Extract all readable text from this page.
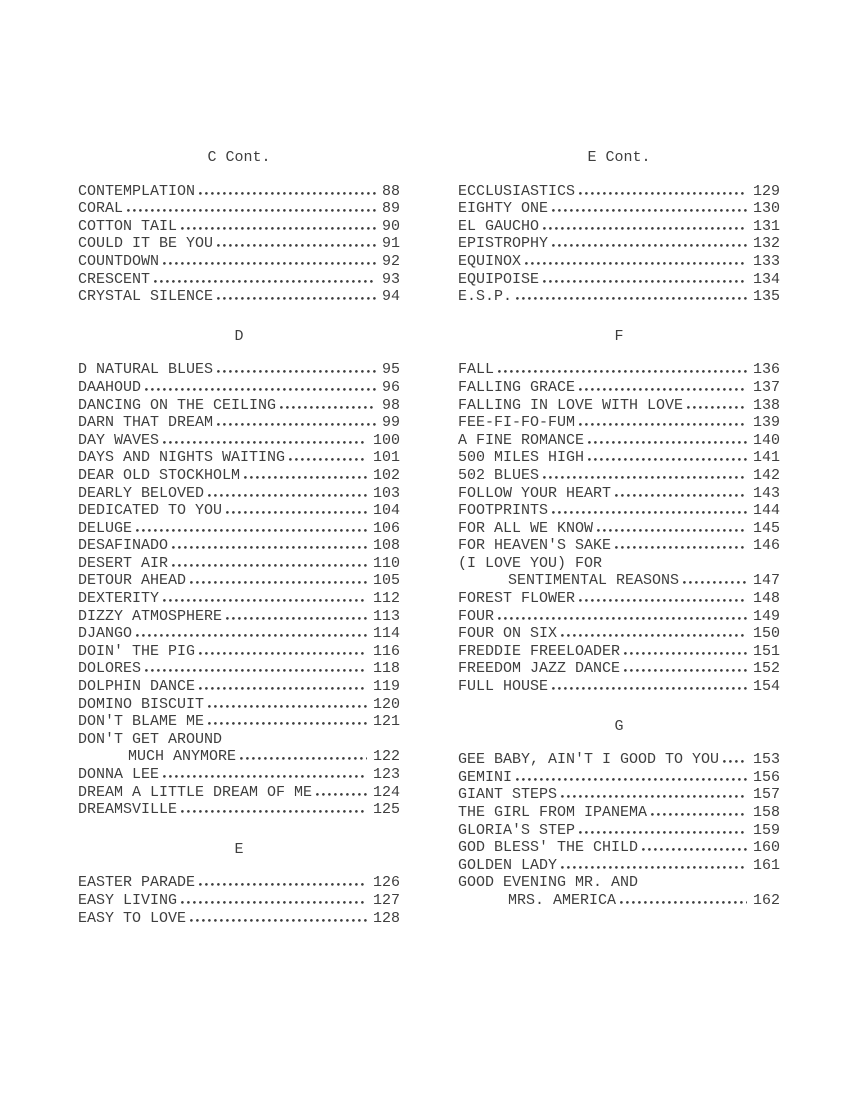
C Cont.
CONTEMPLATION	88
CORAL	89
COTTON TAIL	90
COULD IT BE YOU	91
COUNTDOWN	92
CRESCENT	93
CRYSTAL SILENCE	94
D
D NATURAL BLUES	95
DAAHOUD	96
DANCING ON THE CEILING	98
DARN THAT DREAM	99
DAY WAVES	100
DAYS AND NIGHTS WAITING	101
DEAR OLD STOCKHOLM	102
DEARLY BELOVED	103
DEDICATED TO YOU	104
DELUGE	106
DESAFINADO	108
DESERT AIR	110
DETOUR AHEAD	105
DEXTERITY	112
DIZZY ATMOSPHERE	113
DJANGO	114
DOIN' THE PIG	116
DOLORES	118
DOLPHIN DANCE	119
DOMINO BISCUIT	120
DON'T BLAME ME	121
DON'T GET AROUND
MUCH ANYMORE	122
DONNA LEE	123
DREAM A LITTLE DREAM OF ME	124
DREAMSVILLE	125
E
EASTER PARADE	126
EASY LIVING	127
EASY TO LOVE	128
E Cont.
ECCLUSIASTICS	129
EIGHTY ONE	130
EL GAUCHO	131
EPISTROPHY	132
EQUINOX	133
EQUIPOISE	134
E.S.P.	135
F
FALL	136
FALLING GRACE	137
FALLING IN LOVE WITH LOVE	138
FEE-FI-FO-FUM	139
A FINE ROMANCE	140
500 MILES HIGH	141
502 BLUES	142
FOLLOW YOUR HEART	143
FOOTPRINTS	144
FOR ALL WE KNOW	145
FOR HEAVEN'S SAKE	146
(I LOVE YOU) FOR
SENTIMENTAL REASONS	147
FOREST FLOWER	148
FOUR	149
FOUR ON SIX	150
FREDDIE FREELOADER	151
FREEDOM JAZZ DANCE	152
FULL HOUSE	154
G
GEE BABY, AIN'T I GOOD TO YOU 153
GEMINI	156
GIANT STEPS	157
THE GIRL FROM IPANEMA	158
GLORIA'S STEP	159
GOD BLESS' THE CHILD	160
GOLDEN LADY	161
GOOD EVENING MR. AND
MRS. AMERICA	162
